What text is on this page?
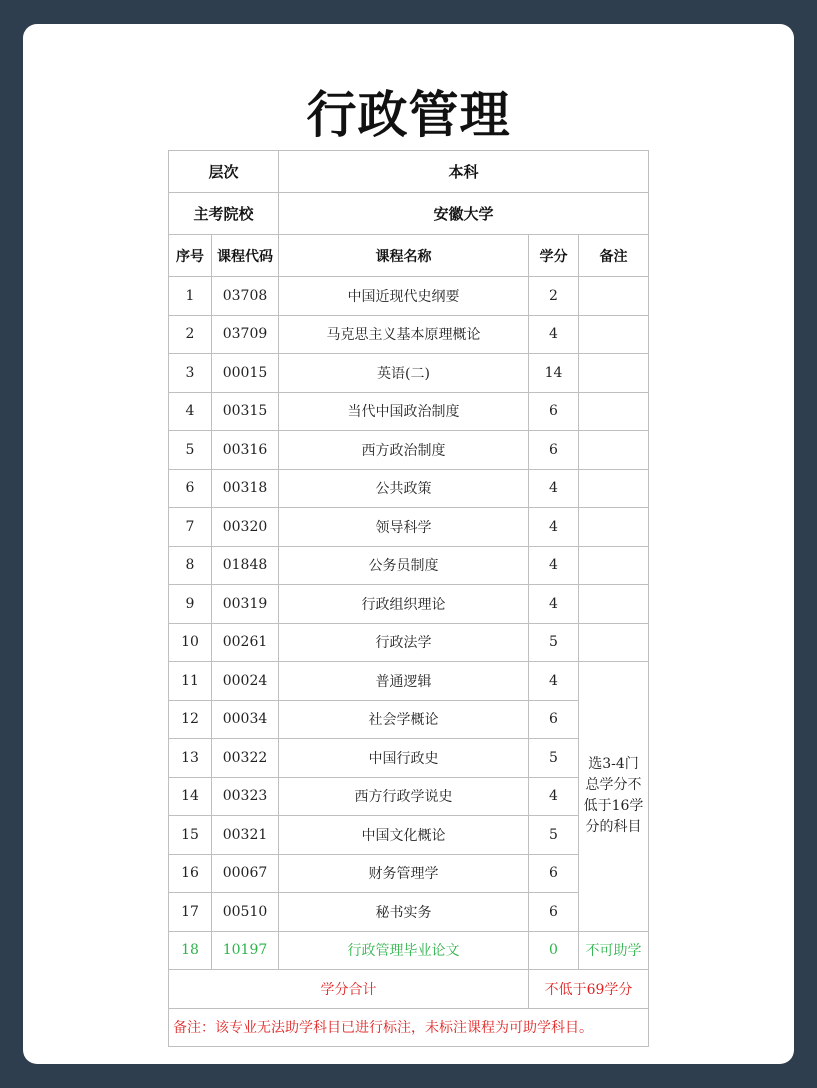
行政管理
层次		本科		
主考院校		安徽大学		
序号	课程代码	课程名称	学分	备注
1	03708	中国近现代史纲要	2	
2	03709	马克思主义基本原理概论	4	
3	00015	英语(二)	14	
4	00315	当代中国政治制度	6	
5	00316	西方政治制度	6	
6	00318	公共政策	4	
7	00320	领导科学	4	
8	01848	公务员制度	4	
9	00319	行政组织理论	4	
10	00261	行政法学	5	
11	00024	普通逻辑	4	选3-4门总学分不低于16学分的科目
12	00034	社会学概论	6	
13	00322	中国行政史	5	
14	00323	西方行政学说史	4	
15	00321	中国文化概论	5	
16	00067	财务管理学	6	
17	00510	秘书实务	6	
18	10197	行政管理毕业论文	0	不可助学
学分合计			不低于69学分	
备注：该专业无法助学科目已进行标注，未标注课程为可助学科目。				
